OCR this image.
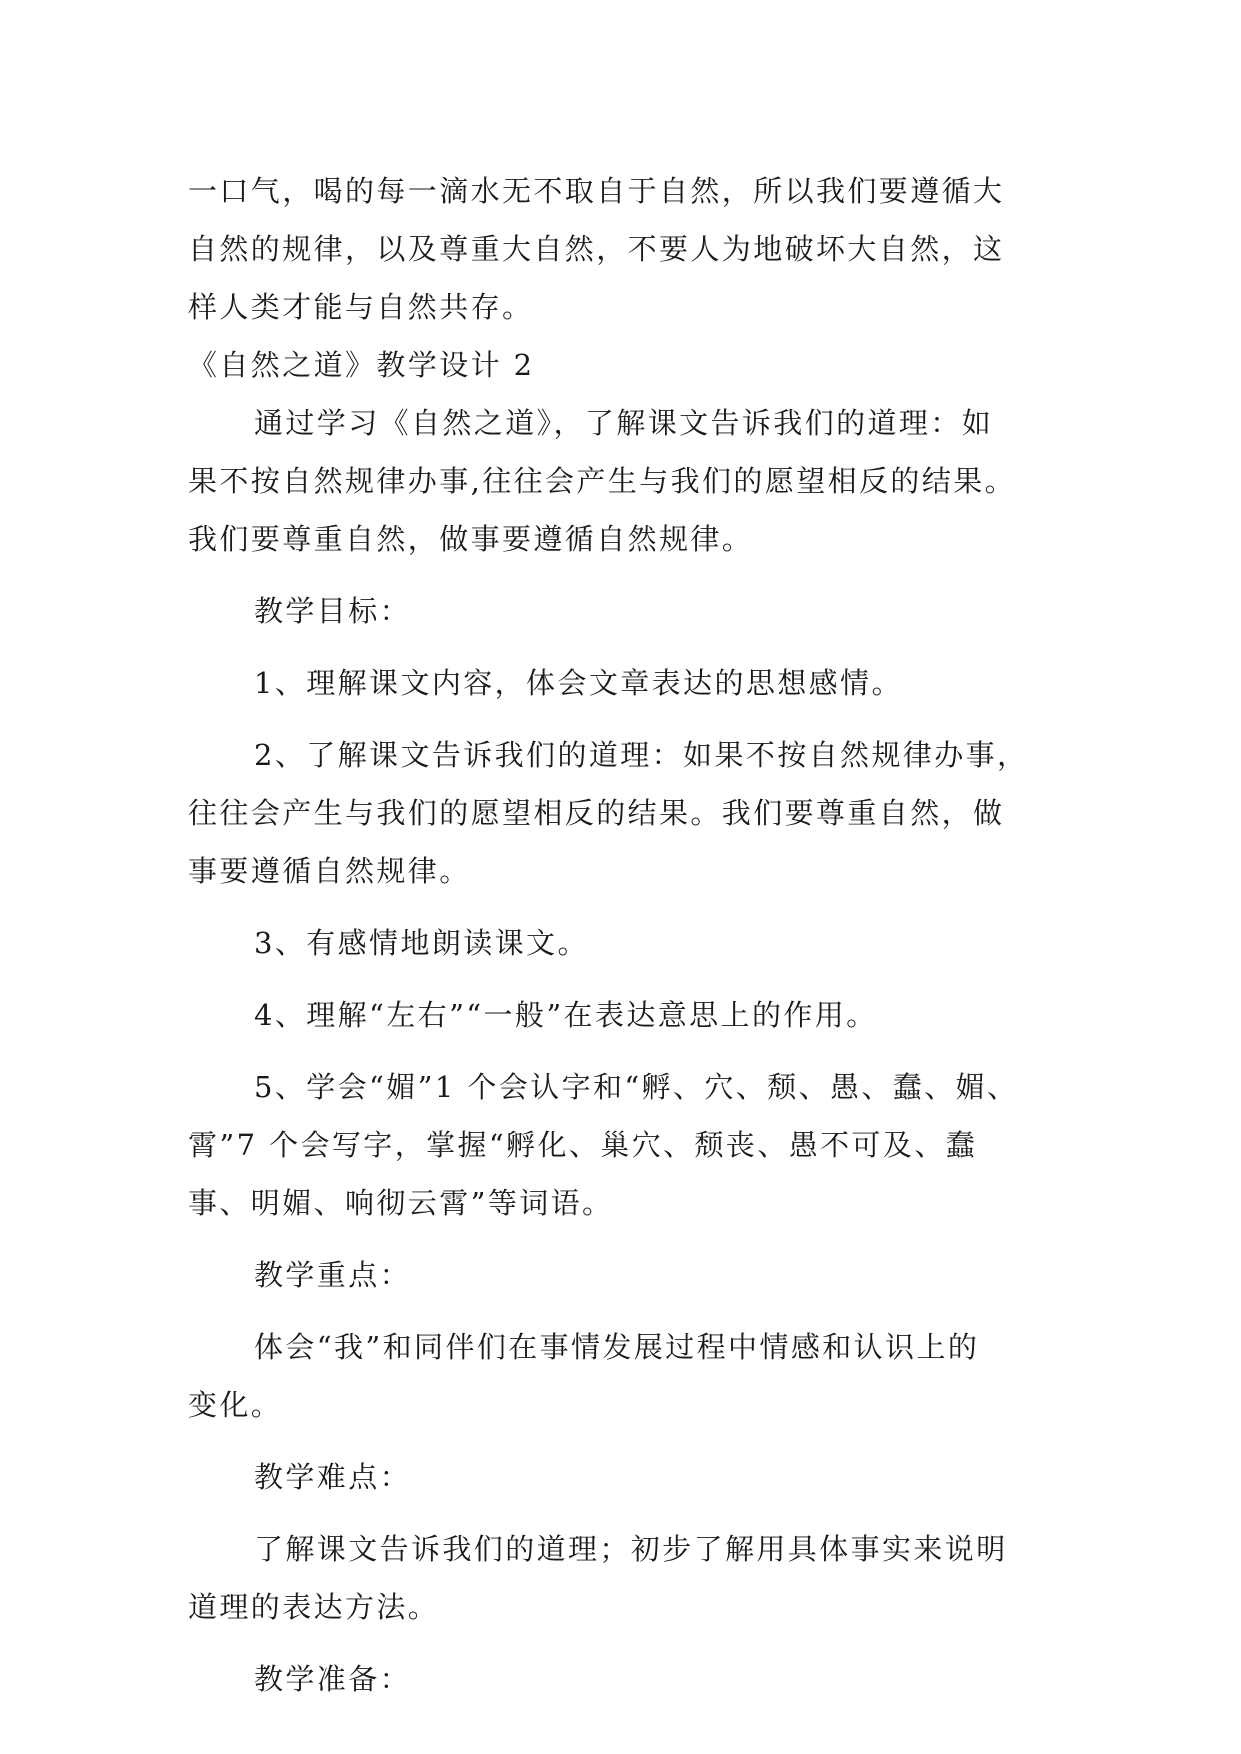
一口气，喝的每一滴水无不取自于自然，所以我们要遵循大
自然的规律，以及尊重大自然，不要人为地破坏大自然，这
样人类才能与自然共存。
《自然之道》教学设计 2
通过学习《自然之道》，了解课文告诉我们的道理：如
果不按自然规律办事,往往会产生与我们的愿望相反的结果。
我们要尊重自然，做事要遵循自然规律。
教学目标：
1、理解课文内容，体会文章表达的思想感情。
2、了解课文告诉我们的道理：如果不按自然规律办事，
往往会产生与我们的愿望相反的结果。我们要尊重自然，做
事要遵循自然规律。
3、有感情地朗读课文。
4、理解“左右”“一般”在表达意思上的作用。
5、学会“媚”1 个会认字和“孵、穴、颓、愚、蠢、媚、
霄”7 个会写字，掌握“孵化、巢穴、颓丧、愚不可及、蠢
事、明媚、响彻云霄”等词语。
教学重点：
体会“我”和同伴们在事情发展过程中情感和认识上的
变化。
教学难点：
了解课文告诉我们的道理；初步了解用具体事实来说明
道理的表达方法。
教学准备：
